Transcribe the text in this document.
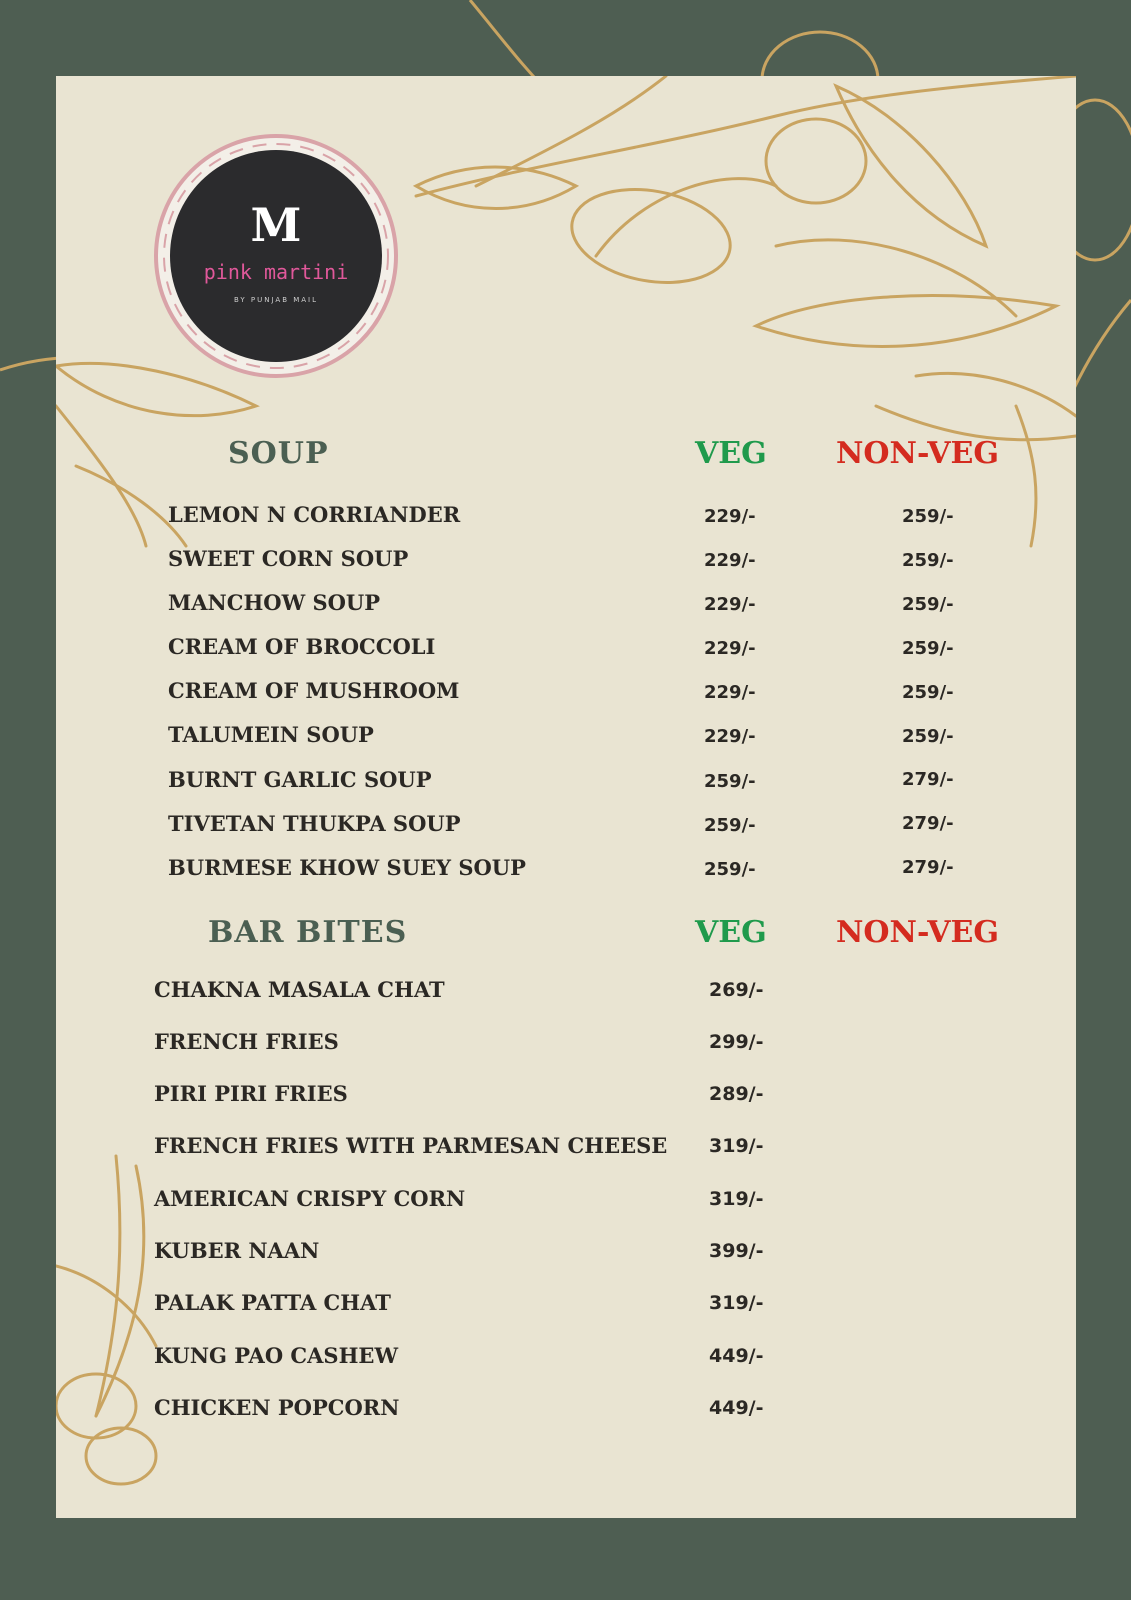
M
pink martini
BY PUNJAB MAIL
SOUP	VEG NON-VEG
LEMON N CORRIANDER	229/-	259/-
SWEET CORN SOUP	229/-	259/-
MANCHOW SOUP	229/-	259/-
CREAM OF BROCCOLI	229/-	259/-
CREAM OF MUSHROOM	229/-	259/-
TALUMEIN SOUP	229/-	259/-
BURNT GARLIC SOUP	259/-	279/-
TIVETAN THUKPA SOUP	259/-	279/-
BURMESE KHOW SUEY SOUP	259/-	279/-
BAR BITES	VEG NON-VEG
CHAKNA MASALA CHAT	269/-
FRENCH FRIES	299/-
PIRI PIRI FRIES	289/-
FRENCH FRIES WITH PARMESAN CHEESE 319/-
AMERICAN CRISPY CORN	319/-
KUBER NAAN	399/-
PALAK PATTA CHAT	319/-
KUNG PAO CASHEW	449/-
CHICKEN POPCORN	449/-
